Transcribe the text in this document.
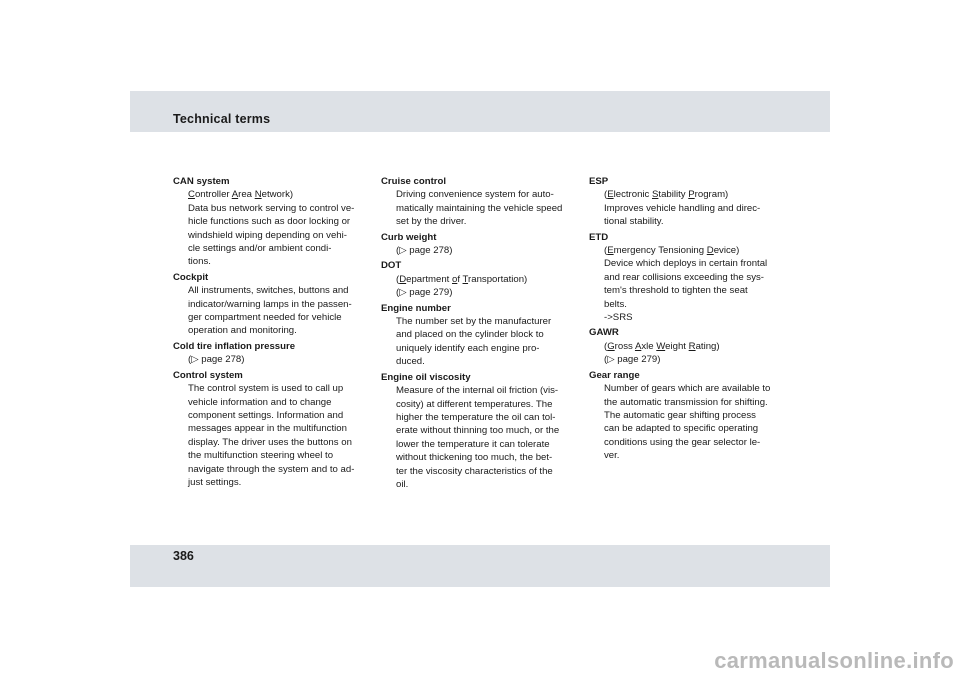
Technical terms
CAN system
Controller Area Network)
Data bus network serving to control ve-
hicle functions such as door locking or
windshield wiping depending on vehi-
cle settings and/or ambient condi-
tions.
Cockpit
All instruments, switches, buttons and
indicator/warning lamps in the passen-
ger compartment needed for vehicle
operation and monitoring.
Cold tire inflation pressure
(▷ page 278)
Control system
The control system is used to call up
vehicle information and to change
component settings. Information and
messages appear in the multifunction
display. The driver uses the buttons on
the multifunction steering wheel to
navigate through the system and to ad-
just settings.
Cruise control
Driving convenience system for auto-
matically maintaining the vehicle speed
set by the driver.
Curb weight
(▷ page 278)
DOT
(Department of Transportation)
(▷ page 279)
Engine number
The number set by the manufacturer
and placed on the cylinder block to
uniquely identify each engine pro-
duced.
Engine oil viscosity
Measure of the internal oil friction (vis-
cosity) at different temperatures. The
higher the temperature the oil can tol-
erate without thinning too much, or the
lower the temperature it can tolerate
without thickening too much, the bet-
ter the viscosity characteristics of the
oil.
ESP
(Electronic Stability Program)
Improves vehicle handling and direc-
tional stability.
ETD
(Emergency Tensioning Device)
Device which deploys in certain frontal
and rear collisions exceeding the sys-
tem's threshold to tighten the seat
belts.
->SRS
GAWR
(Gross Axle Weight Rating)
(▷ page 279)
Gear range
Number of gears which are available to
the automatic transmission for shifting.
The automatic gear shifting process
can be adapted to specific operating
conditions using the gear selector le-
ver.
386
carmanualsonline.info
